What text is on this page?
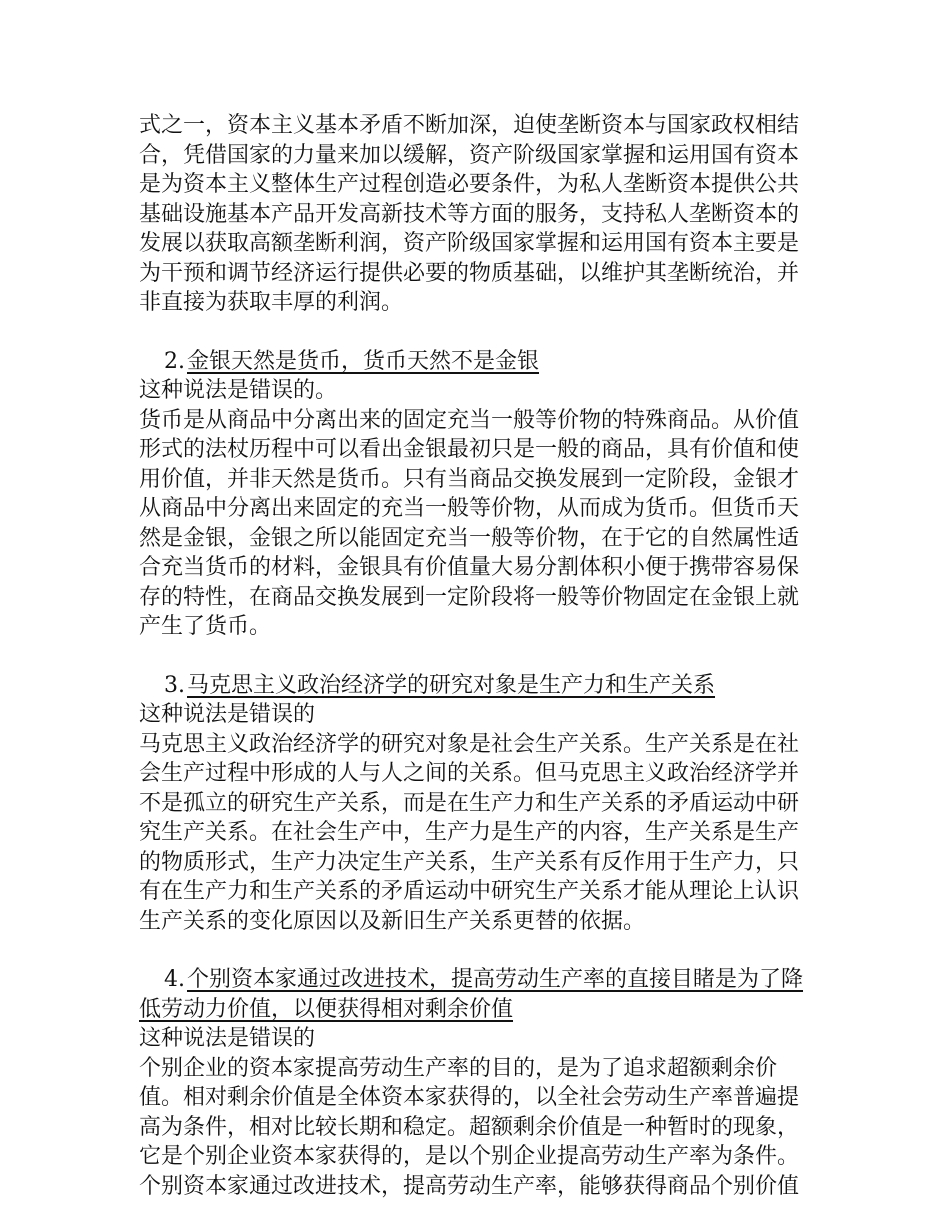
式之一，资本主义基本矛盾不断加深，迫使垄断资本与国家政权相结
合，凭借国家的力量来加以缓解，资产阶级国家掌握和运用国有资本
是为资本主义整体生产过程创造必要条件，为私人垄断资本提供公共
基础设施基本产品开发高新技术等方面的服务，支持私人垄断资本的
发展以获取高额垄断利润，资产阶级国家掌握和运用国有资本主要是
为干预和调节经济运行提供必要的物质基础，以维护其垄断统治，并
非直接为获取丰厚的利润。
2.金银天然是货币，货币天然不是金银
这种说法是错误的。
货币是从商品中分离出来的固定充当一般等价物的特殊商品。从价值
形式的法杖历程中可以看出金银最初只是一般的商品，具有价值和使
用价值，并非天然是货币。只有当商品交换发展到一定阶段，金银才
从商品中分离出来固定的充当一般等价物，从而成为货币。但货币天
然是金银，金银之所以能固定充当一般等价物，在于它的自然属性适
合充当货币的材料，金银具有价值量大易分割体积小便于携带容易保
存的特性，在商品交换发展到一定阶段将一般等价物固定在金银上就
产生了货币。
3.马克思主义政治经济学的研究对象是生产力和生产关系
这种说法是错误的
马克思主义政治经济学的研究对象是社会生产关系。生产关系是在社
会生产过程中形成的人与人之间的关系。但马克思主义政治经济学并
不是孤立的研究生产关系，而是在生产力和生产关系的矛盾运动中研
究生产关系。在社会生产中，生产力是生产的内容，生产关系是生产
的物质形式，生产力决定生产关系，生产关系有反作用于生产力，只
有在生产力和生产关系的矛盾运动中研究生产关系才能从理论上认识
生产关系的变化原因以及新旧生产关系更替的依据。
4.个别资本家通过改进技术，提高劳动生产率的直接目睹是为了降
低劳动力价值，以便获得相对剩余价值
这种说法是错误的
个别企业的资本家提高劳动生产率的目的，是为了追求超额剩余价
值。相对剩余价值是全体资本家获得的，以全社会劳动生产率普遍提
高为条件，相对比较长期和稳定。超额剩余价值是一种暂时的现象，
它是个别企业资本家获得的，是以个别企业提高劳动生产率为条件。
个别资本家通过改进技术，提高劳动生产率，能够获得商品个别价值
